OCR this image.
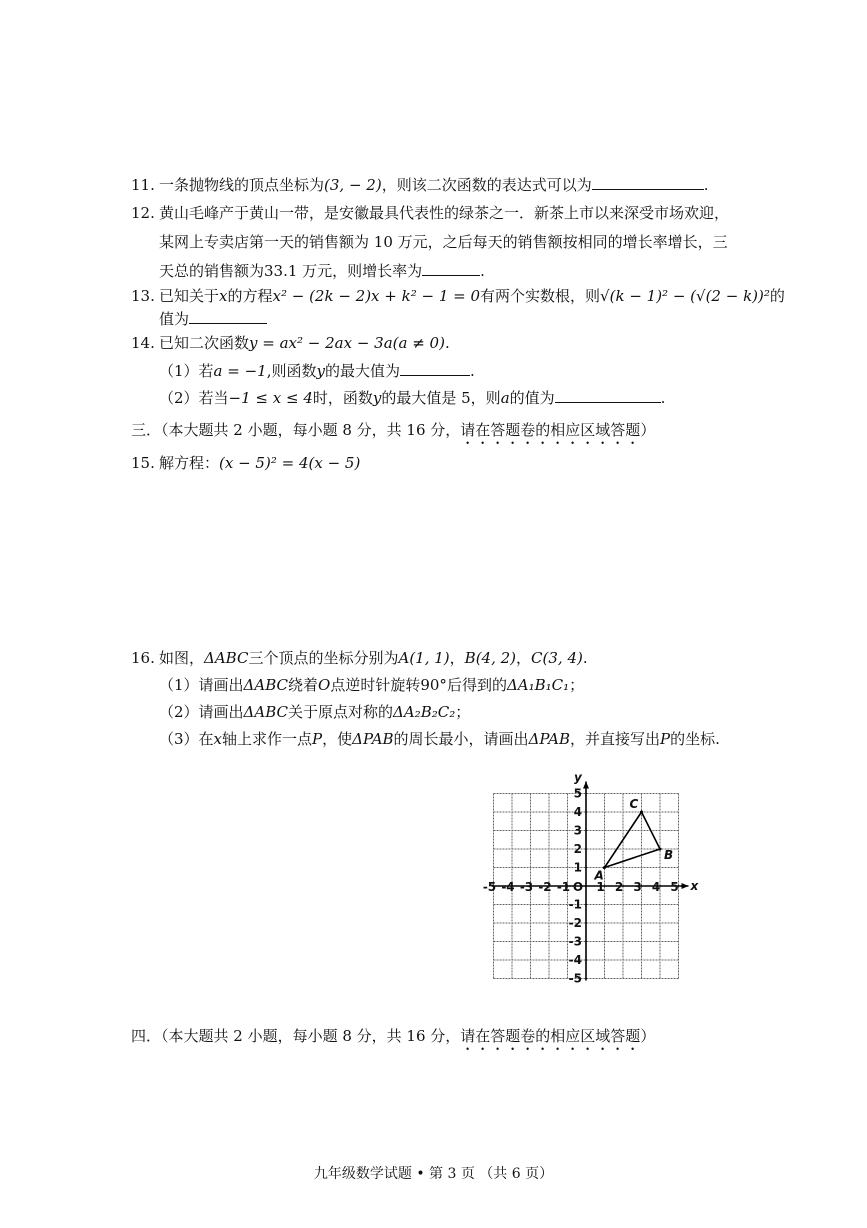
11. 一条抛物线的顶点坐标为(3, − 2)，则该二次函数的表达式可以为	.
12. 黄山毛峰产于黄山一带，是安徽最具代表性的绿茶之一．新茶上市以来深受市场欢迎，
某网上专卖店第一天的销售额为 10 万元，之后每天的销售额按相同的增长率增长，三
天总的销售额为33.1 万元，则增长率为	.
13. 已知关于x的方程x² − (2k − 2)x + k² − 1 = 0有两个实数根，则√(k − 1)² − (√(2 − k))²的
值为
14. 已知二次函数y = ax² − 2ax − 3a(a ≠ 0).
（1）若a = −1,则函数y的最大值为	.
（2）若当−1 ≤ x ≤ 4时，函数y的最大值是 5，则a的值为	.
三．（本大题共 2 小题，每小题 8 分，共 16 分，请在答题卷的相应区域答题）
15. 解方程：(x − 5)² = 4(x − 5)
16. 如图，ΔABC三个顶点的坐标分别为A(1, 1)，B(4, 2)，C(3, 4).
（1）请画出ΔABC绕着O点逆时针旋转90°后得到的ΔA₁B₁C₁；
（2）请画出ΔABC关于原点对称的ΔA₂B₂C₂；
（3）在x轴上求作一点P，使ΔPAB的周长最小，请画出ΔPAB，并直接写出P的坐标.
x
y
-5 -4 -3 -2 -1 1 2 3 4 5
O
5
4
3
2
1
-1
-2
-3
-4
-5
A
B
C
四．（本大题共 2 小题，每小题 8 分，共 16 分，请在答题卷的相应区域答题）
九年级数学试题 • 第 3 页 （共 6 页）
